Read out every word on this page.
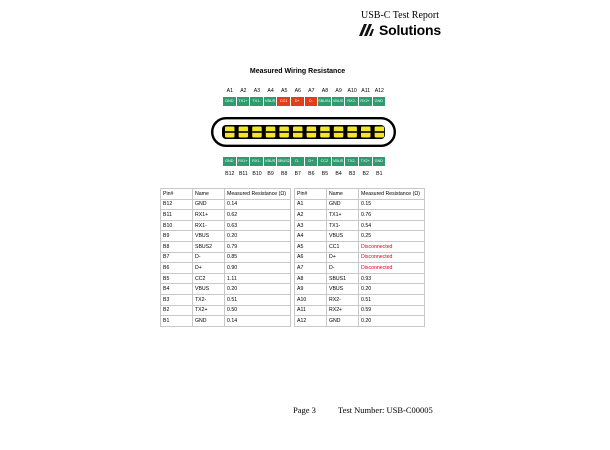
USB-C Test Report
Solutions
Measured Wiring Resistance
A1	A2	A3	A4	A5	A6	A7	A8	A9	A10 A11 A12
GND	TX1+	TX1-	VBUS	CC1	D+	D-	SBUS1 VBUS	RX2-	RX2+	GND
GND	RX1+	RX1-	VBUS SBUS2	D-	D+	CC2	VBUS	TX2-	TX2+	GND
B12 B11 B10	B9	B8	B7	B6	B5	B4	B3	B2	B1
Pin#	Name	Measured Resistance (Ω)
B12	GND	0.14
B11	RX1+	0.62
B10	RX1-	0.63
B9	VBUS	0.20
B8	SBUS2	0.79
B7	D-	0.85
B6	D+	0.90
B5	CC2	1.11
B4	VBUS	0.20
B3	TX2-	0.51
B2	TX2+	0.50
B1	GND	0.14
Pin#	Name	Measured Resistance (Ω)
A1	GND	0.15
A2	TX1+	0.76
A3	TX1-	0.54
A4	VBUS	0.25
A5	CC1	Disconnected
A6	D+	Disconnected
A7	D-	Disconnected
A8	SBUS1	0.93
A9	VBUS	0.20
A10	RX2-	0.51
A11	RX2+	0.59
A12	GND	0.20
Page 3	Test Number: USB-C00005
